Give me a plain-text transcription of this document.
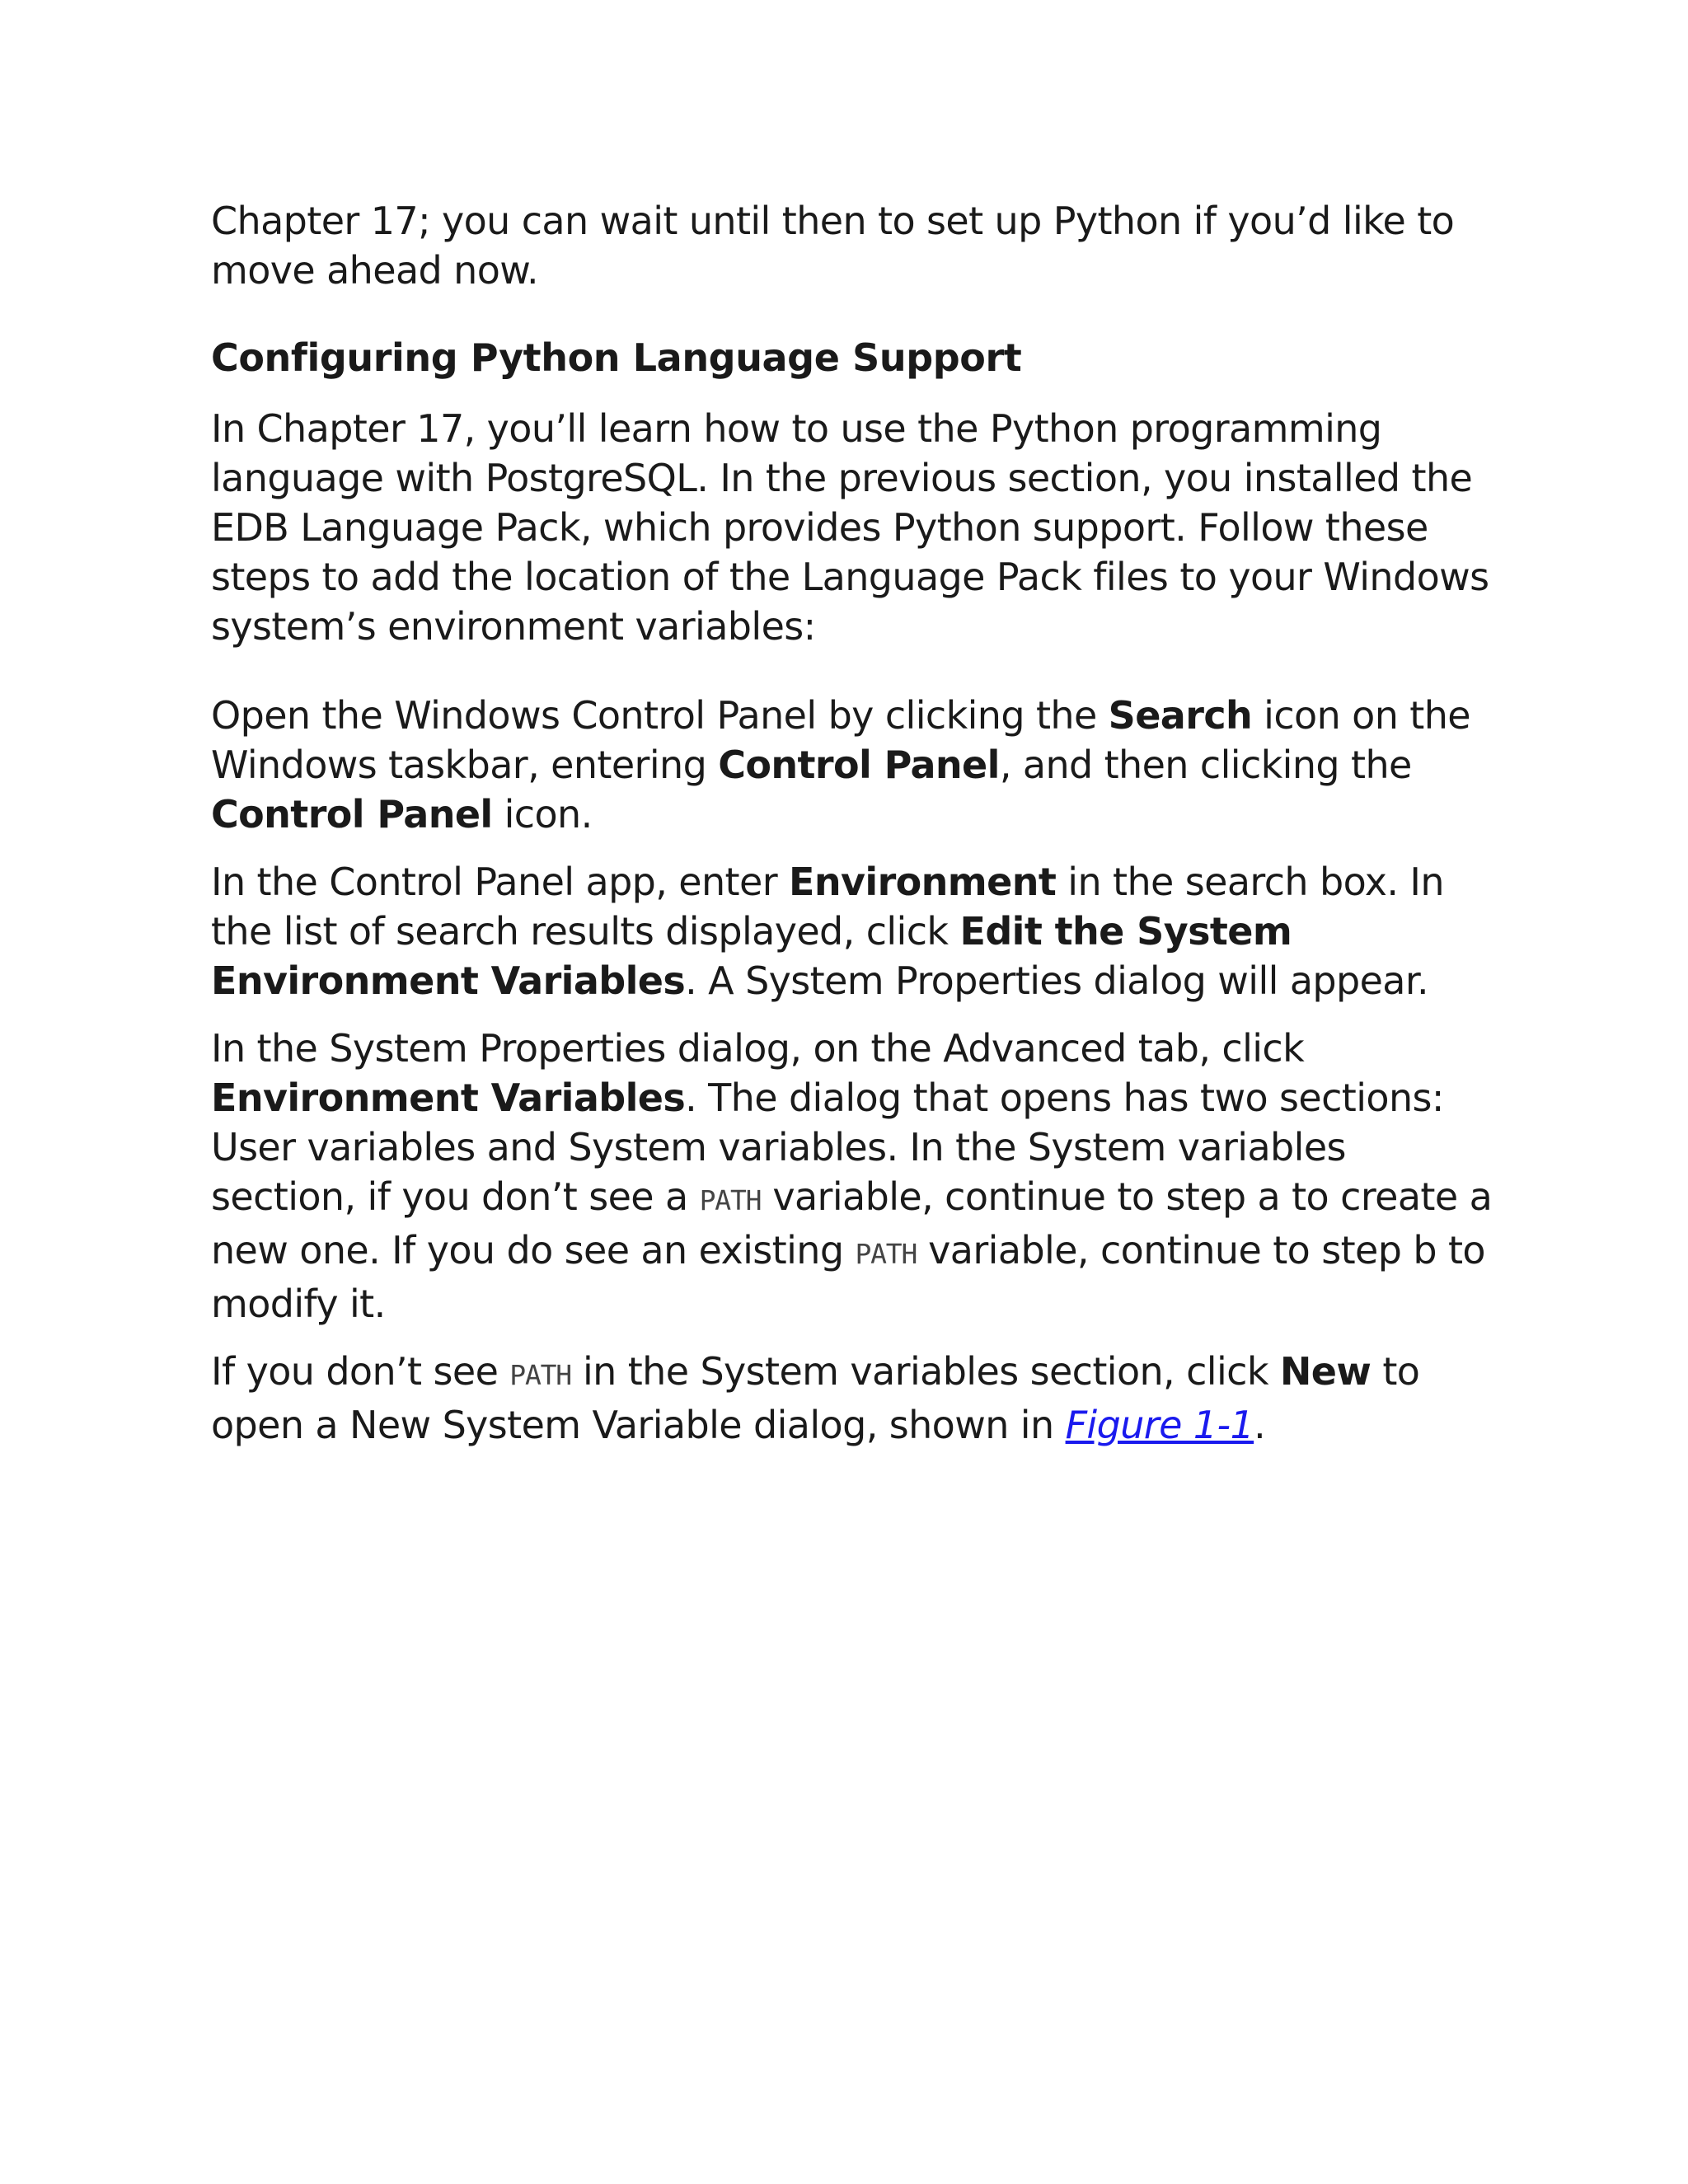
Chapter 17; you can wait until then to set up Python if you’d like to move ahead now.

Configuring Python Language Support

In Chapter 17, you’ll learn how to use the Python programming language with PostgreSQL. In the previous section, you installed the EDB Language Pack, which provides Python support. Follow these steps to add the location of the Language Pack files to your Windows system’s environment variables:

Open the Windows Control Panel by clicking the Search icon on the Windows taskbar, entering Control Panel, and then clicking the Control Panel icon.

In the Control Panel app, enter Environment in the search box. In the list of search results displayed, click Edit the System Environment Variables. A System Properties dialog will appear.

In the System Properties dialog, on the Advanced tab, click Environment Variables. The dialog that opens has two sections: User variables and System variables. In the System variables section, if you don’t see a PATH variable, continue to step a to create a new one. If you do see an existing PATH variable, continue to step b to modify it.

If you don’t see PATH in the System variables section, click New to open a New System Variable dialog, shown in Figure 1-1.
